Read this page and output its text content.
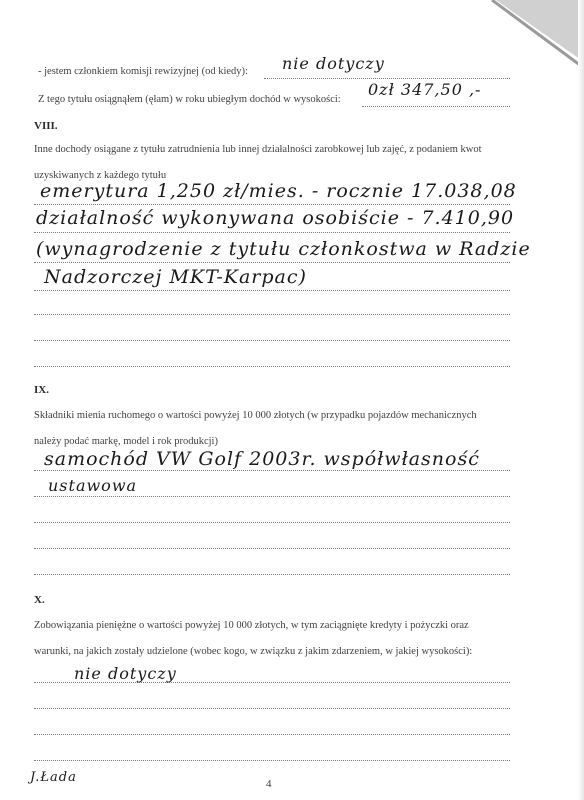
- jestem członkiem komisji rewizyjnej (od kiedy): nie dotyczy
Z tego tytułu osiągnąłem (ęłam) w roku ubiegłym dochód w wysokości:
0zł 347,50 ,-
VIII.
Inne dochody osiągane z tytułu zatrudnienia lub innej działalności zarobkowej lub zajęć, z podaniem kwot
uzyskiwanych z każdego tytułu
emerytura 1,250 zł/mies. - rocznie 17.038,08
działalność wykonywana osobiście - 7.410,90
(wynagrodzenie z tytułu członkostwa w Radzie
Nadzorczej MKT-Karpac)
IX.
Składniki mienia ruchomego o wartości powyżej 10 000 złotych (w przypadku pojazdów mechanicznych
należy podać markę, model i rok produkcji)
samochód VW Golf 2003r. współwłasność
ustawowa
X.
Zobowiązania pieniężne o wartości powyżej 10 000 złotych, w tym zaciągnięte kredyty i pożyczki oraz
warunki, na jakich zostały udzielone (wobec kogo, w związku z jakim zdarzeniem, w jakiej wysokości):
nie dotyczy
J.Łada	4
